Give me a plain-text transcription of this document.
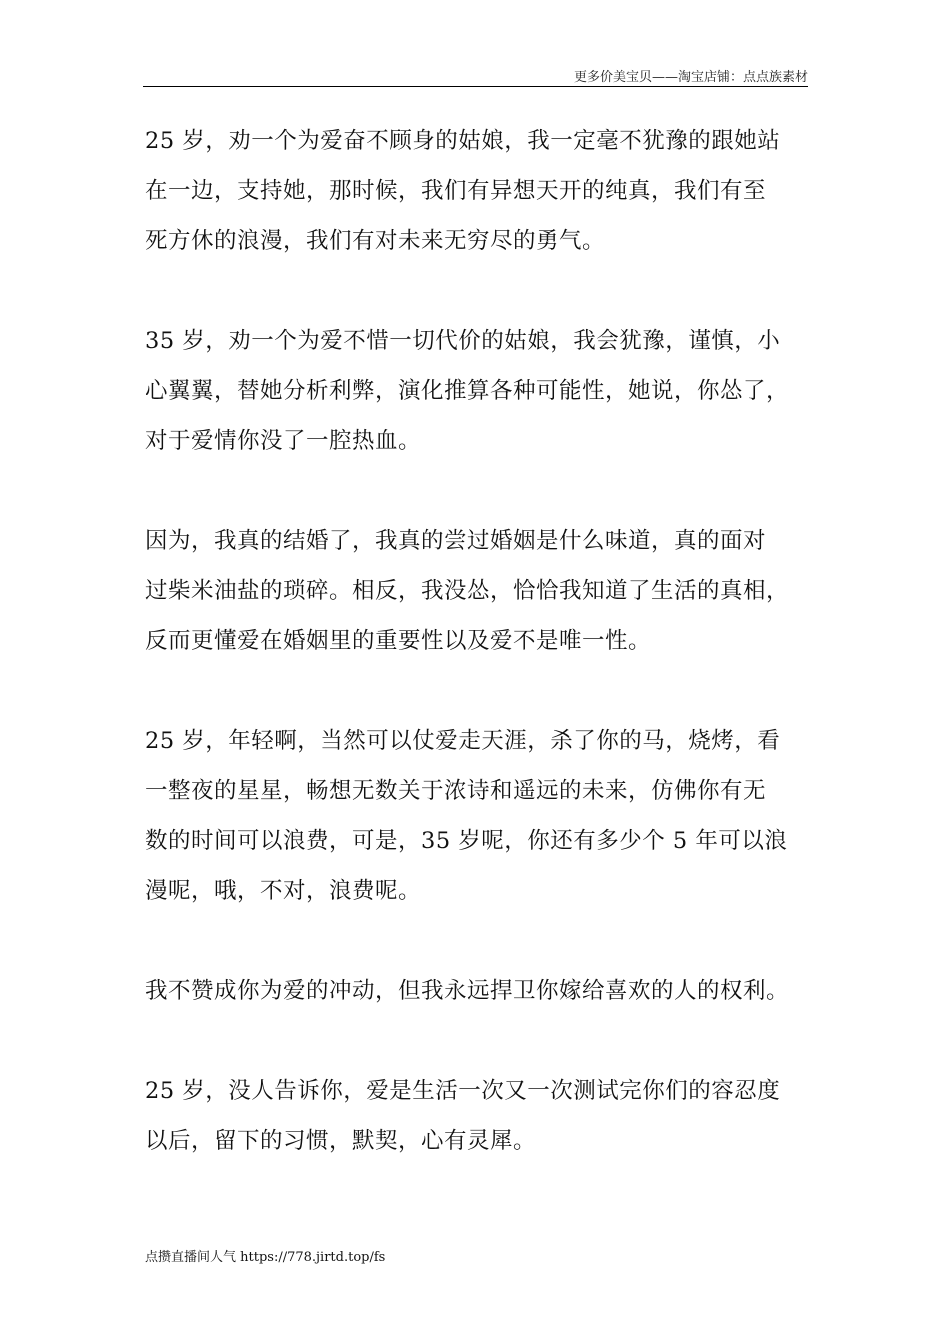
更多价美宝贝——淘宝店铺：点点族素材

25 岁，劝一个为爱奋不顾身的姑娘，我一定毫不犹豫的跟她站
在一边，支持她，那时候，我们有异想天开的纯真，我们有至
死方休的浪漫，我们有对未来无穷尽的勇气。

35 岁，劝一个为爱不惜一切代价的姑娘，我会犹豫，谨慎，小
心翼翼，替她分析利弊，演化推算各种可能性，她说，你怂了，
对于爱情你没了一腔热血。

因为，我真的结婚了，我真的尝过婚姻是什么味道，真的面对
过柴米油盐的琐碎。相反，我没怂，恰恰我知道了生活的真相，
反而更懂爱在婚姻里的重要性以及爱不是唯一性。

25 岁，年轻啊，当然可以仗爱走天涯，杀了你的马，烧烤，看
一整夜的星星，畅想无数关于浓诗和遥远的未来，仿佛你有无
数的时间可以浪费，可是，35 岁呢，你还有多少个 5 年可以浪
漫呢，哦，不对，浪费呢。

我不赞成你为爱的冲动，但我永远捍卫你嫁给喜欢的人的权利。

25 岁，没人告诉你，爱是生活一次又一次测试完你们的容忍度
以后，留下的习惯，默契，心有灵犀。

点攒直播间人气 https://778.jirtd.top/fs
